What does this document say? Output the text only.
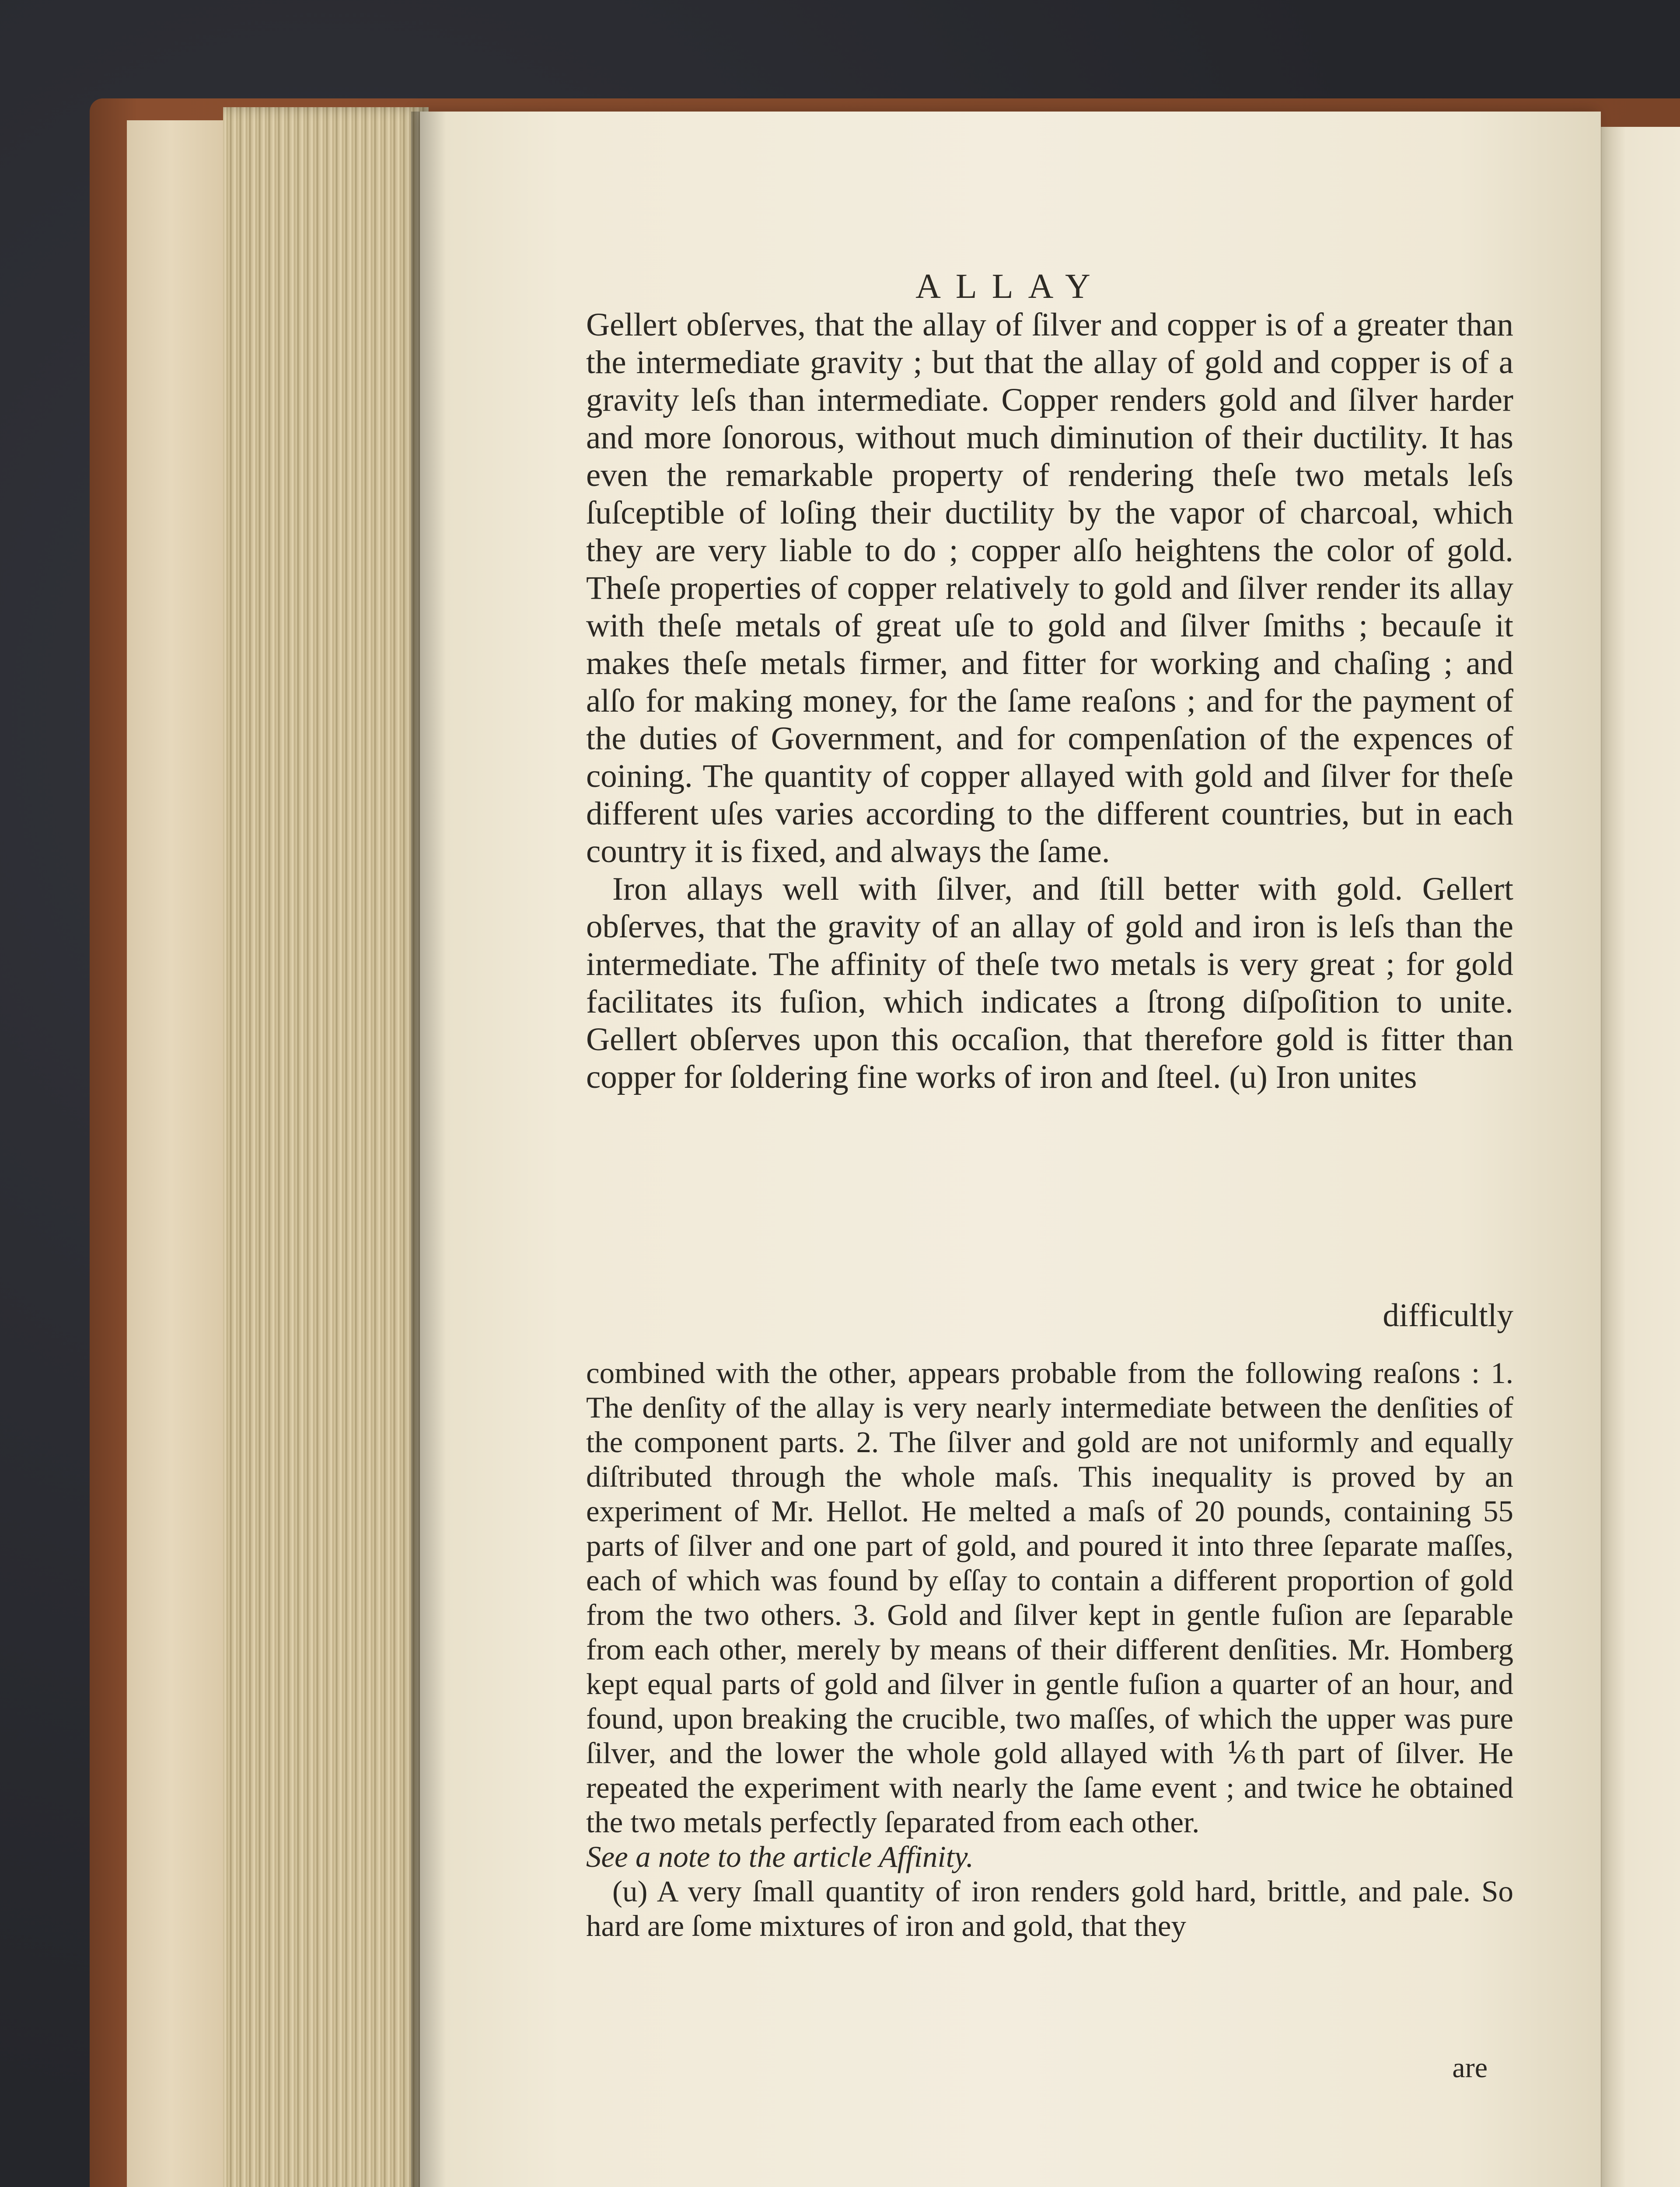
ALLAY

Gellert obſerves, that the allay of ſilver and copper is of a greater than the intermediate gravity ; but that the allay of gold and copper is of a gravity leſs than intermediate. Copper renders gold and ſilver harder and more ſonorous, without much diminution of their ductility. It has even the remarkable property of rendering theſe two metals leſs ſuſceptible of loſing their ductility by the vapor of charcoal, which they are very liable to do ; copper alſo heightens the color of gold. Theſe properties of copper relatively to gold and ſilver render its allay with theſe metals of great uſe to gold and ſilver ſmiths ; becauſe it makes theſe metals firmer, and fitter for working and chaſing ; and alſo for making money, for the ſame reaſons ; and for the payment of the duties of Government, and for compenſation of the expences of coining. The quantity of copper allayed with gold and ſilver for theſe different uſes varies according to the different countries, but in each country it is fixed, and always the ſame.

Iron allays well with ſilver, and ſtill better with gold. Gellert obſerves, that the gravity of an allay of gold and iron is leſs than the intermediate. The affinity of theſe two metals is very great ; for gold facilitates its fuſion, which indicates a ſtrong diſpoſition to unite. Gellert obſerves upon this occaſion, that therefore gold is fitter than copper for ſoldering fine works of iron and ſteel. (u) Iron unites

difficultly

combined with the other, appears probable from the following reaſons : 1. The denſity of the allay is very nearly intermediate between the denſities of the component parts. 2. The ſilver and gold are not uniformly and equally diſtributed through the whole maſs. This inequality is proved by an experiment of Mr. Hellot. He melted a maſs of 20 pounds, containing 55 parts of ſilver and one part of gold, and poured it into three ſeparate maſſes, each of which was found by eſſay to contain a different proportion of gold from the two others. 3. Gold and ſilver kept in gentle fuſion are ſeparable from each other, merely by means of their different denſities. Mr. Homberg kept equal parts of gold and ſilver in gentle fuſion a quarter of an hour, and found, upon breaking the crucible, two maſſes, of which the upper was pure ſilver, and the lower the whole gold allayed with ⅙th part of ſilver. He repeated the experiment with nearly the ſame event ; and twice he obtained the two metals perfectly ſeparated from each other.

See a note to the article Affinity.

(u) A very ſmall quantity of iron renders gold hard, brittle, and pale. So hard are ſome mixtures of iron and gold, that they

are
